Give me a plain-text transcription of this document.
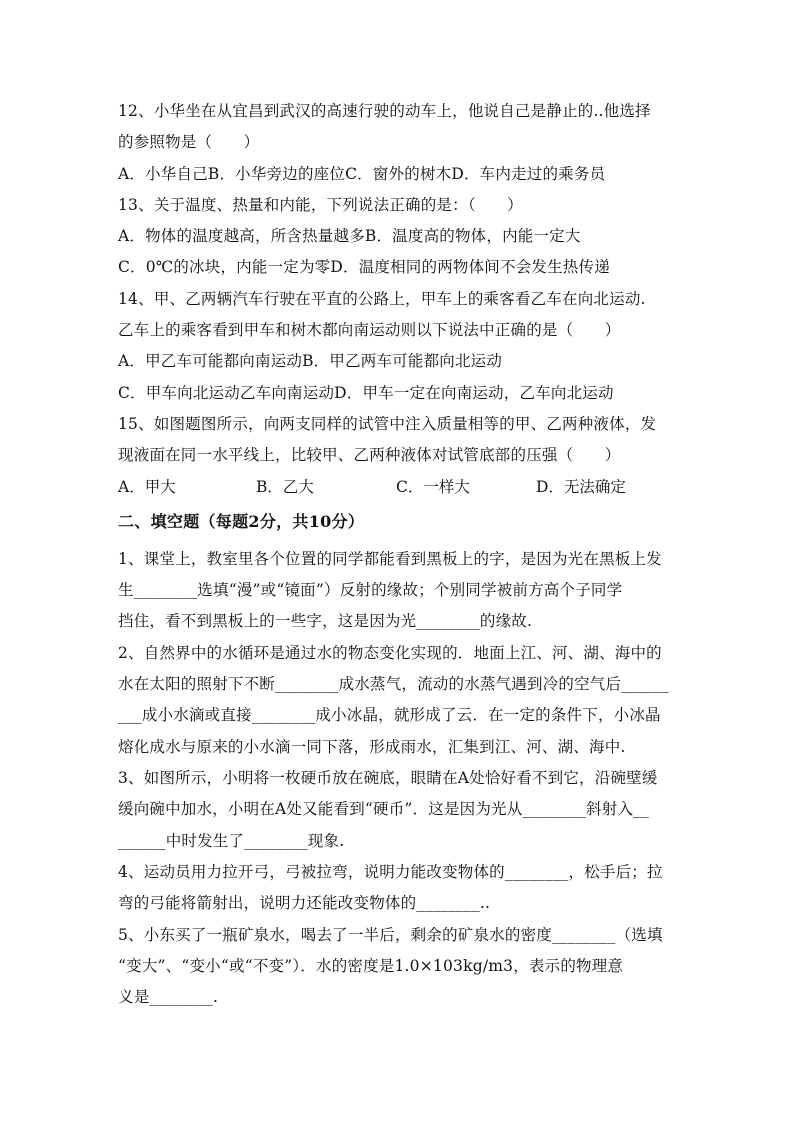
12、小华坐在从宜昌到武汉的高速行驶的动车上，他说自己是静止的..他选择
的参照物是（　　）
A．小华自己B．小华旁边的座位C．窗外的树木D．车内走过的乘务员
13、关于温度、热量和内能，下列说法正确的是：（　　）
A．物体的温度越高，所含热量越多B．温度高的物体，内能一定大
C．0℃的冰块，内能一定为零D．温度相同的两物体间不会发生热传递
14、甲、乙两辆汽车行驶在平直的公路上，甲车上的乘客看乙车在向北运动.
乙车上的乘客看到甲车和树木都向南运动则以下说法中正确的是（　　）
A．甲乙车可能都向南运动B．甲乙两车可能都向北运动
C．甲车向北运动乙车向南运动D．甲车一定在向南运动，乙车向北运动
15、如图题图所示，向两支同样的试管中注入质量相等的甲、乙两种液体，发
现液面在同一水平线上，比较甲、乙两种液体对试管底部的压强（　　）
A．甲大	B．乙大	C．一样大	D．无法确定
二、填空题（每题2分，共10分）
1、课堂上，教室里各个位置的同学都能看到黑板上的字，是因为光在黑板上发
生________选填“漫”或“镜面”）反射的缘故；个别同学被前方高个子同学
挡住，看不到黑板上的一些字，这是因为光________的缘故.
2、自然界中的水循环是通过水的物态变化实现的．地面上江、河、湖、海中的
水在太阳的照射下不断________成水蒸气，流动的水蒸气遇到冷的空气后______
___成小水滴或直接________成小冰晶，就形成了云．在一定的条件下，小冰晶
熔化成水与原来的小水滴一同下落，形成雨水，汇集到江、河、湖、海中.
3、如图所示，小明将一枚硬币放在碗底，眼睛在A处恰好看不到它，沿碗壁缓
缓向碗中加水，小明在A处又能看到“硬币”．这是因为光从________斜射入__
______中时发生了________现象.
4、运动员用力拉开弓，弓被拉弯，说明力能改变物体的________，松手后；拉
弯的弓能将箭射出，说明力还能改变物体的________..
5、小东买了一瓶矿泉水，喝去了一半后，剩余的矿泉水的密度________（选填
“变大”、“变小“或“不变”）．水的密度是1.0×103kg/m3，表示的物理意
义是________.
